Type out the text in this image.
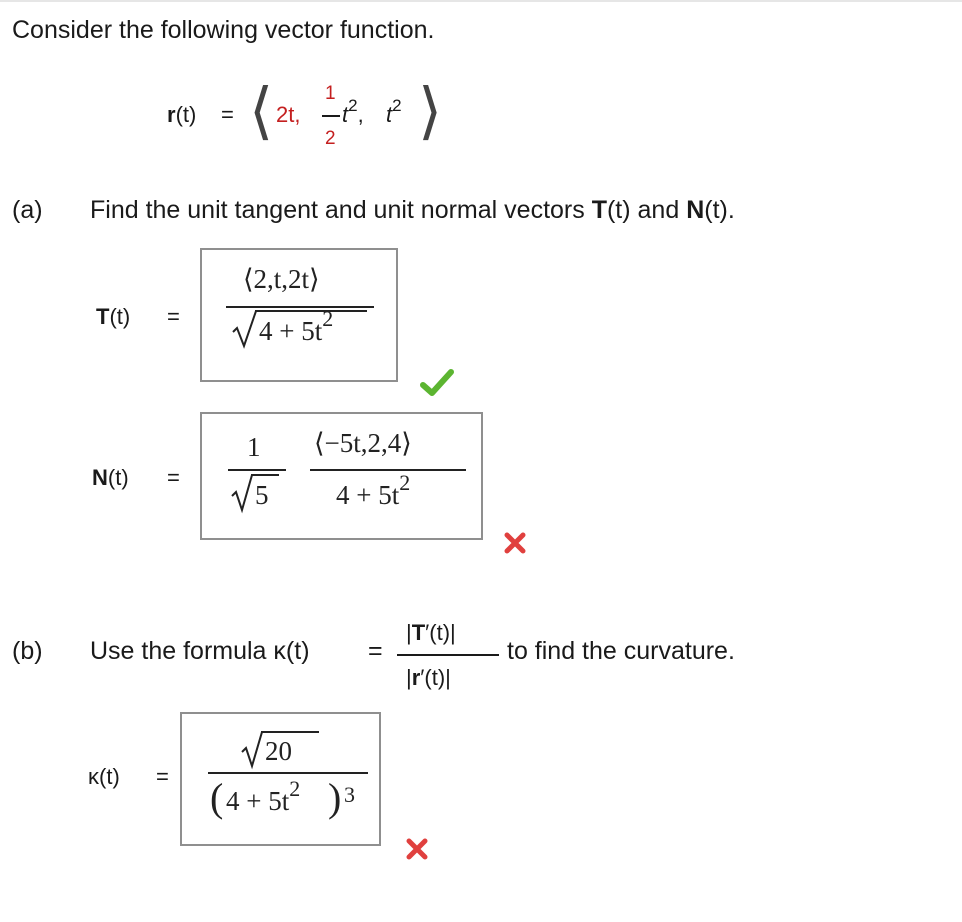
Consider the following vector function.
r(t) = ⟨ 2t,
1
2
$t^2$, $t^2$ ⟩
(a) Find the unit tangent and unit normal vectors T(t) and N(t).
T(t) =
⟨2,t,2t⟩
$4 + 5t^2$
N(t) =
1
5
⟨−5t,2,4⟩
$4 + 5t^2$
(b) Use the formula κ(t) =
|T′(t)|
|r′(t)|
to find the curvature.
κ(t) =
20
( $4 + 5t^2$ ) 3
